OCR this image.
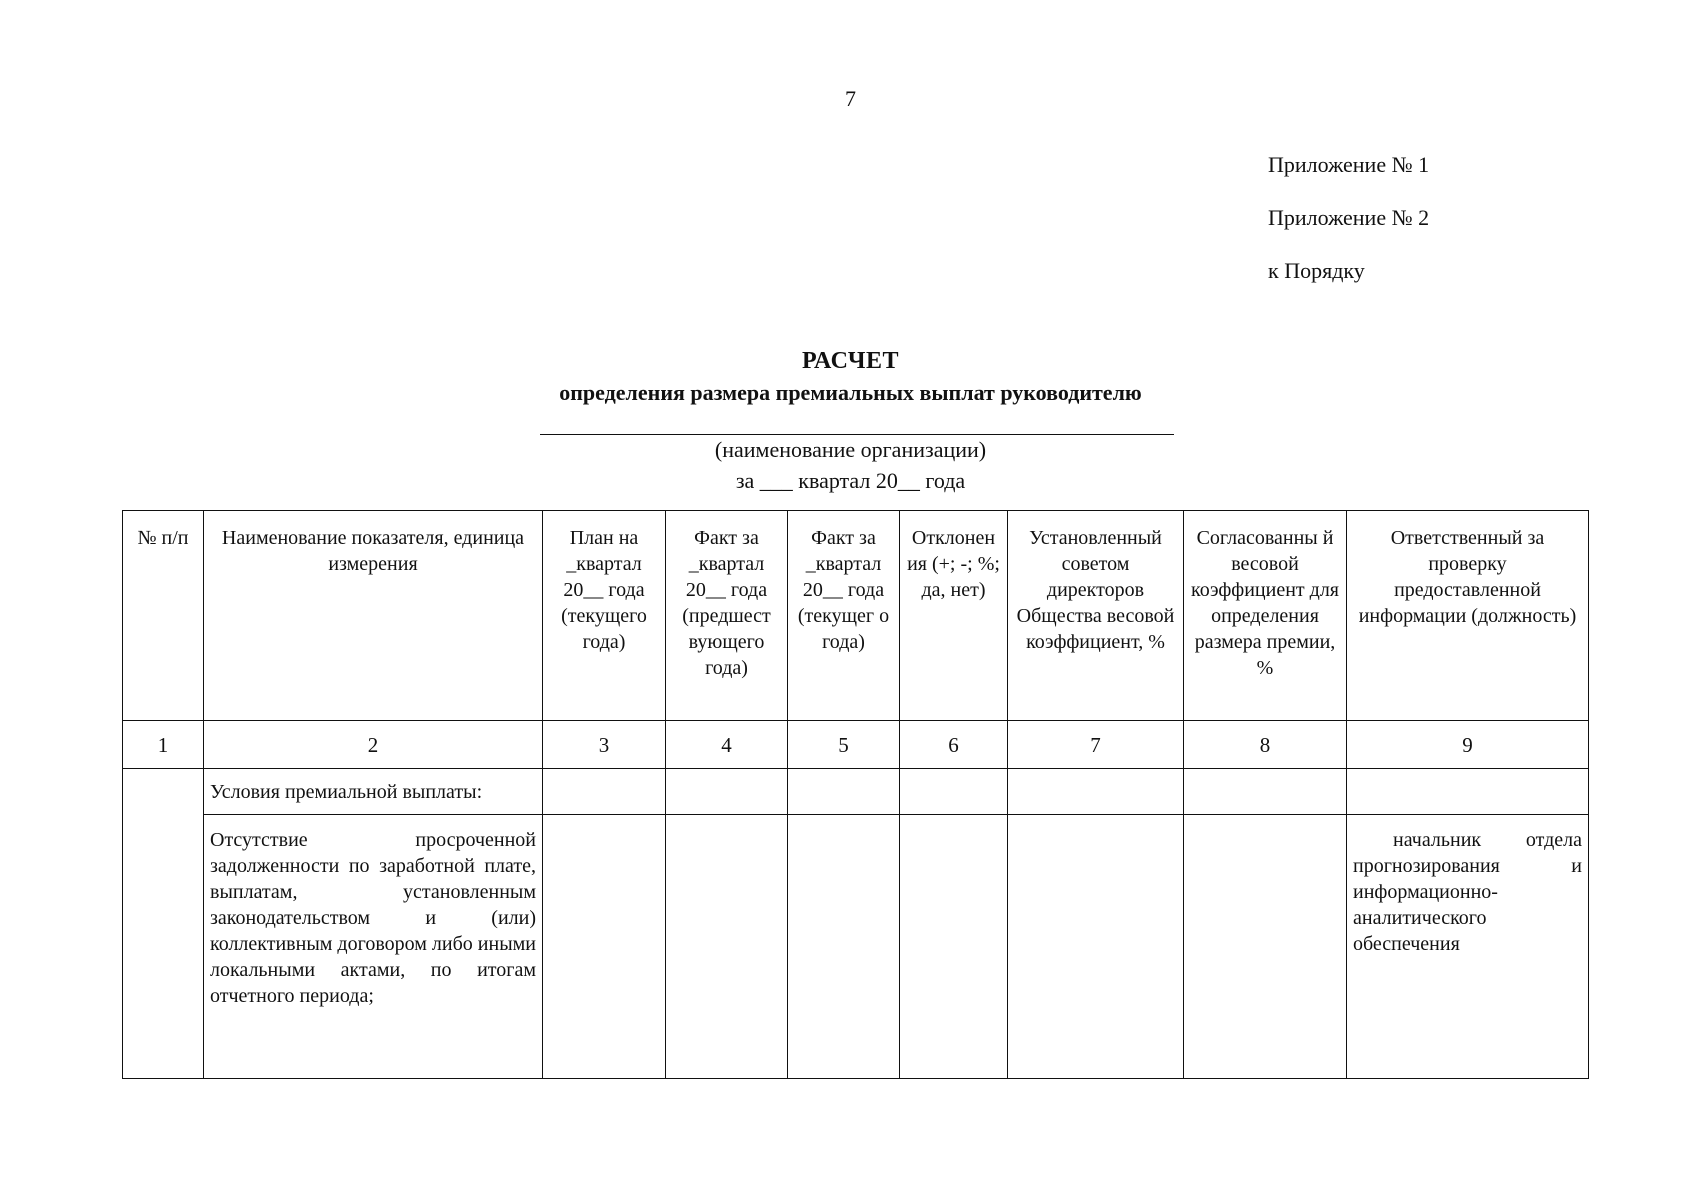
7
Приложение № 1
Приложение № 2
к Порядку
РАСЧЕТ
определения размера премиальных выплат руководителю
(наименование организации)
за ___ квартал 20__ года
№ п/п	Наименование показателя, единица измерения	План на _квартал 20__ года (текущего года)	Факт за _квартал 20__ года (предшест вующего года)	Факт за _квартал 20__ года (текущег о года)	Отклонен ия (+; -; %; да, нет)	Установленный советом директоров Общества весовой коэффициент, %	Согласованны й весовой коэффициент для определения размера премии, %	Ответственный за проверку предоставленной информации (должность)
1	2	3	4	5	6	7	8	9
	Условия премиальной выплаты:							
	Отсутствие просроченной задолженности по заработной плате, выплатам, установленным законодательством и (или) коллективным договором либо иными локальными актами, по итогам отчетного периода;							начальник отдела прогнозирования и информационно-аналитического обеспечения
